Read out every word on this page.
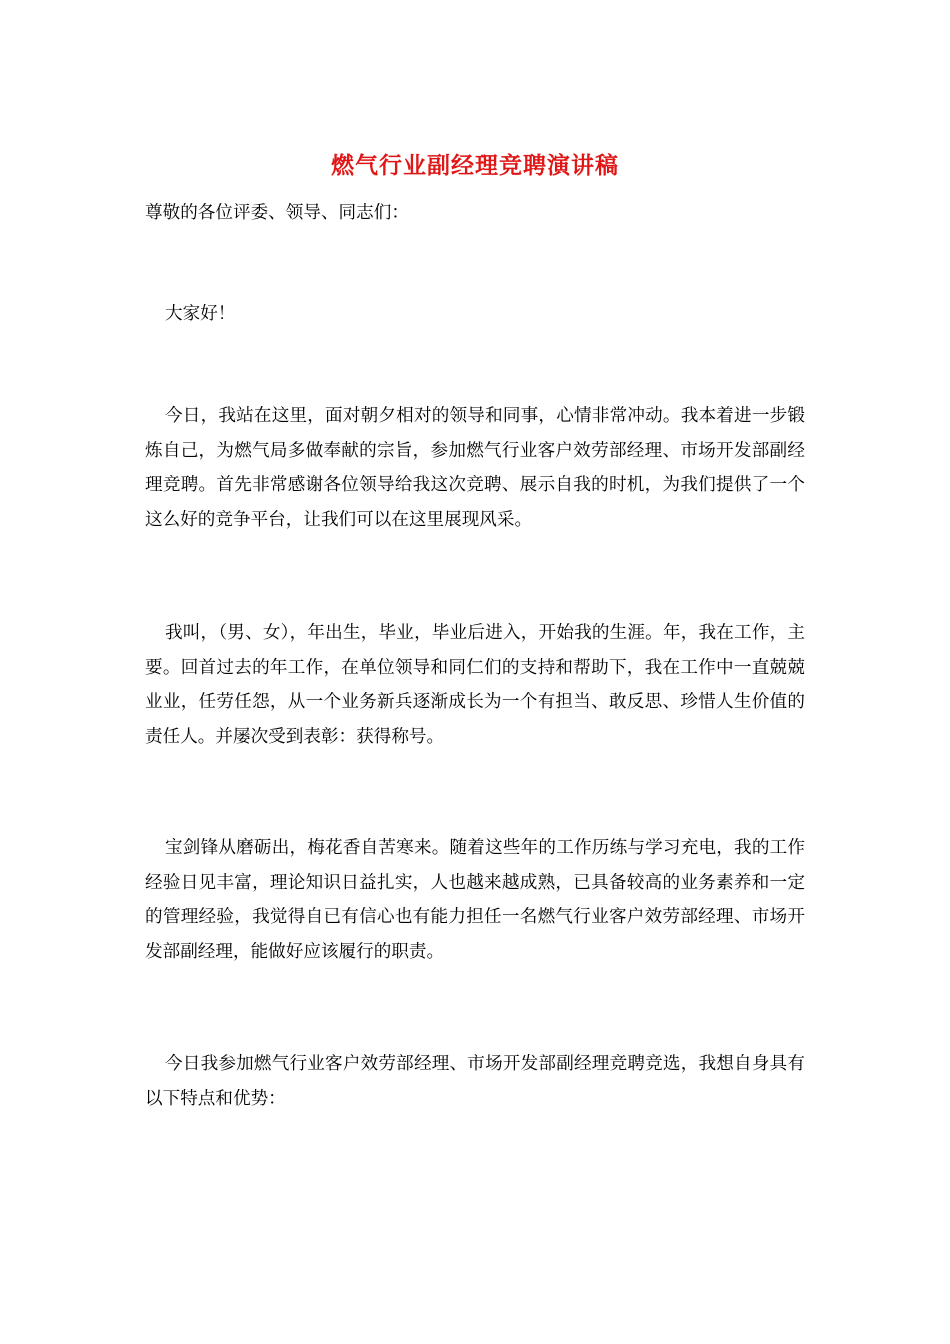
燃气行业副经理竞聘演讲稿

尊敬的各位评委、领导、同志们：

大家好！

今日，我站在这里，面对朝夕相对的领导和同事，心情非常冲动。我本着进一步锻炼自己，为燃气局多做奉献的宗旨，参加燃气行业客户效劳部经理、市场开发部副经理竞聘。首先非常感谢各位领导给我这次竞聘、展示自我的时机，为我们提供了一个这么好的竞争平台，让我们可以在这里展现风采。

我叫，（男、女），年出生，毕业，毕业后进入，开始我的生涯。年，我在工作，主要。回首过去的年工作，在单位领导和同仁们的支持和帮助下，我在工作中一直兢兢业业，任劳任怨，从一个业务新兵逐渐成长为一个有担当、敢反思、珍惜人生价值的责任人。并屡次受到表彰：获得称号。

宝剑锋从磨砺出，梅花香自苦寒来。随着这些年的工作历练与学习充电，我的工作经验日见丰富，理论知识日益扎实，人也越来越成熟，已具备较高的业务素养和一定的管理经验，我觉得自已有信心也有能力担任一名燃气行业客户效劳部经理、市场开发部副经理，能做好应该履行的职责。

今日我参加燃气行业客户效劳部经理、市场开发部副经理竞聘竞选，我想自身具有以下特点和优势：
